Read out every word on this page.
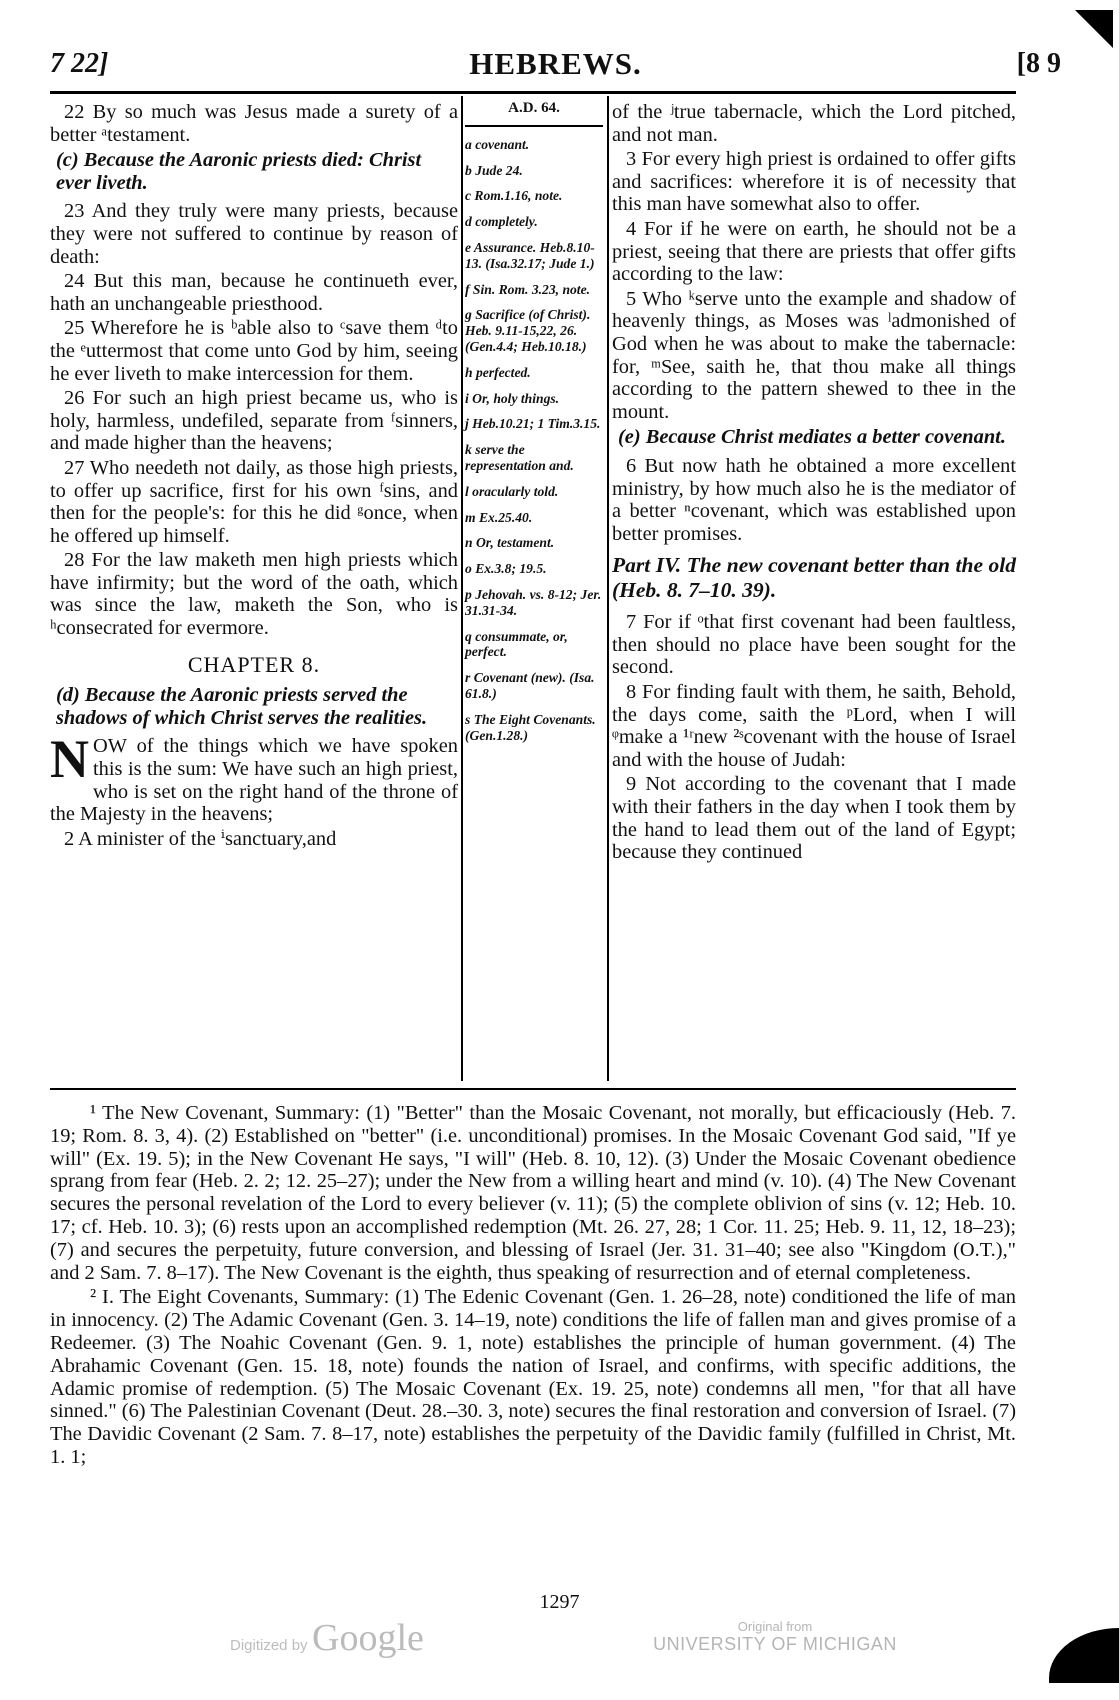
7 22]	HEBREWS.	[8 9

22 By so much was Jesus made a surety of a better ᵃtestament.

(c) Because the Aaronic priests died: Christ ever liveth.

23 And they truly were many priests, because they were not suffered to continue by reason of death:

24 But this man, because he continueth ever, hath an unchangeable priesthood.

25 Wherefore he is ᵇable also to ᶜsave them ᵈto the ᵉuttermost that come unto God by him, seeing he ever liveth to make intercession for them.

26 For such an high priest became us, who is holy, harmless, undefiled, separate from ᶠsinners, and made higher than the heavens;

27 Who needeth not daily, as those high priests, to offer up sacrifice, first for his own ᶠsins, and then for the people's: for this he did ᵍonce, when he offered up himself.

28 For the law maketh men high priests which have infirmity; but the word of the oath, which was since the law, maketh the Son, who is ʰconsecrated for evermore.

CHAPTER 8.

(d) Because the Aaronic priests served the shadows of which Christ serves the realities.

NOW of the things which we have spoken this is the sum: We have such an high priest, who is set on the right hand of the throne of the Majesty in the heavens;

2 A minister of the ⁱsanctuary,and

A.D. 64.
a covenant.
b Jude 24.
c Rom.1.16, note.
d completely.
e Assurance. Heb.8.10-13. (Isa.32.17; Jude 1.)
f Sin. Rom. 3.23, note.
g Sacrifice (of Christ). Heb. 9.11-15,22, 26. (Gen.4.4; Heb.10.18.)
h perfected.
i Or, holy things.
j Heb.10.21; 1 Tim.3.15.
k serve the representation and.
l oracularly told.
m Ex.25.40.
n Or, testament.
o Ex.3.8; 19.5.
p Jehovah. vs. 8-12; Jer. 31.31-34.
q consummate, or, perfect.
r Covenant (new). (Isa. 61.8.)
s The Eight Covenants. (Gen.1.28.)

of the ʲtrue tabernacle, which the Lord pitched, and not man.

3 For every high priest is ordained to offer gifts and sacrifices: wherefore it is of necessity that this man have somewhat also to offer.

4 For if he were on earth, he should not be a priest, seeing that there are priests that offer gifts according to the law:

5 Who ᵏserve unto the example and shadow of heavenly things, as Moses was ˡadmonished of God when he was about to make the tabernacle: for, ᵐSee, saith he, that thou make all things according to the pattern shewed to thee in the mount.

(e) Because Christ mediates a better covenant.

6 But now hath he obtained a more excellent ministry, by how much also he is the mediator of a better ⁿcovenant, which was established upon better promises.

Part IV. The new covenant better than the old (Heb. 8. 7–10. 39).

7 For if ᵒthat first covenant had been faultless, then should no place have been sought for the second.

8 For finding fault with them, he saith, Behold, the days come, saith the ᵖLord, when I will ᵠmake a ¹ʳnew ²ˢcovenant with the house of Israel and with the house of Judah:

9 Not according to the covenant that I made with their fathers in the day when I took them by the hand to lead them out of the land of Egypt; because they continued

¹ The New Covenant, Summary: (1) "Better" than the Mosaic Covenant, not morally, but efficaciously (Heb. 7. 19; Rom. 8. 3, 4). (2) Established on "better" (i.e. unconditional) promises. In the Mosaic Covenant God said, "If ye will" (Ex. 19. 5); in the New Covenant He says, "I will" (Heb. 8. 10, 12). (3) Under the Mosaic Covenant obedience sprang from fear (Heb. 2. 2; 12. 25–27); under the New from a willing heart and mind (v. 10). (4) The New Covenant secures the personal revelation of the Lord to every believer (v. 11); (5) the complete oblivion of sins (v. 12; Heb. 10. 17; cf. Heb. 10. 3); (6) rests upon an accomplished redemption (Mt. 26. 27, 28; 1 Cor. 11. 25; Heb. 9. 11, 12, 18–23); (7) and secures the perpetuity, future conversion, and blessing of Israel (Jer. 31. 31–40; see also "Kingdom (O.T.)," and 2 Sam. 7. 8–17). The New Covenant is the eighth, thus speaking of resurrection and of eternal completeness.

² I. The Eight Covenants, Summary: (1) The Edenic Covenant (Gen. 1. 26–28, note) conditioned the life of man in innocency. (2) The Adamic Covenant (Gen. 3. 14–19, note) conditions the life of fallen man and gives promise of a Redeemer. (3) The Noahic Covenant (Gen. 9. 1, note) establishes the principle of human government. (4) The Abrahamic Covenant (Gen. 15. 18, note) founds the nation of Israel, and confirms, with specific additions, the Adamic promise of redemption. (5) The Mosaic Covenant (Ex. 19. 25, note) condemns all men, "for that all have sinned." (6) The Palestinian Covenant (Deut. 28.–30. 3, note) secures the final restoration and conversion of Israel. (7) The Davidic Covenant (2 Sam. 7. 8–17, note) establishes the perpetuity of the Davidic family (fulfilled in Christ, Mt. 1. 1;

1297
Digitized by Google	Original from
UNIVERSITY OF MICHIGAN
